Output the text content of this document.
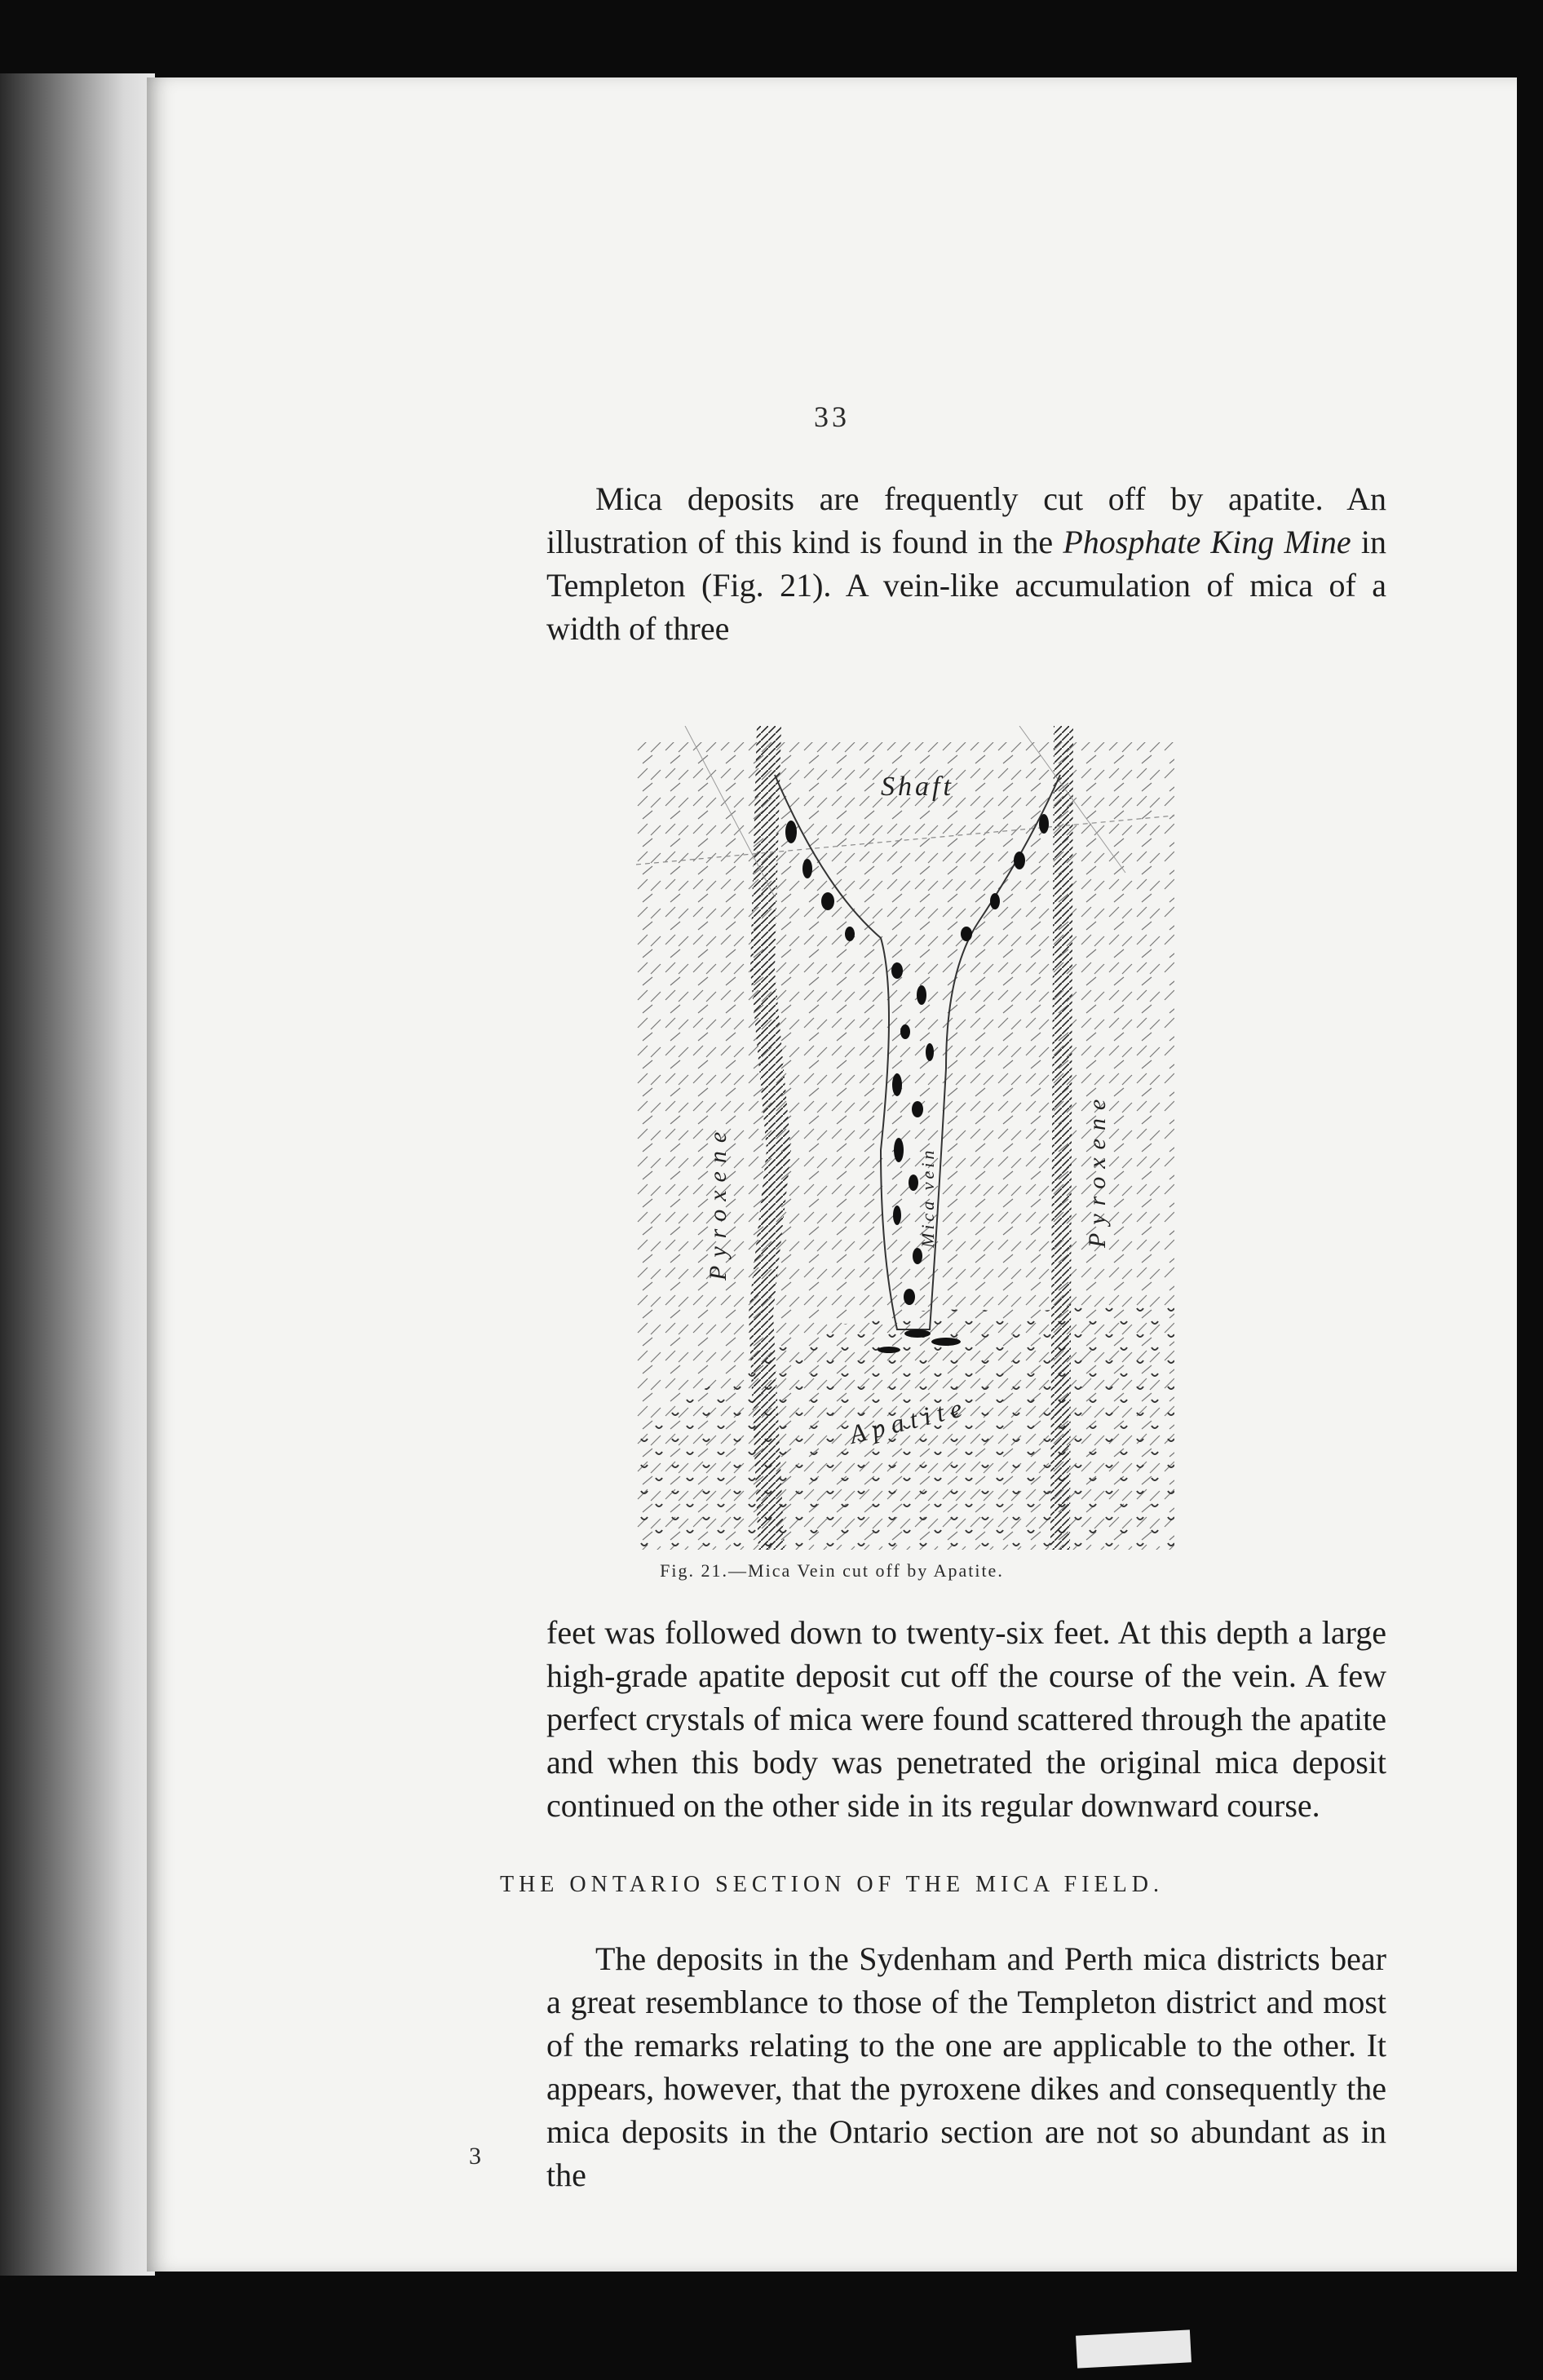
33

Mica deposits are frequently cut off by apatite. An illustration of this kind is found in the Phosphate King Mine in Templeton (Fig. 21). A vein-like accumulation of mica of a width of three

Shaft
Pyroxene	Pyroxene
Mica vein
Apatite
Fig. 21.—Mica Vein cut off by Apatite.

feet was followed down to twenty-six feet. At this depth a large high-grade apatite deposit cut off the course of the vein. A few perfect crystals of mica were found scattered through the apatite and when this body was penetrated the original mica deposit continued on the other side in its regular downward course.

THE ONTARIO SECTION OF THE MICA FIELD.

The deposits in the Sydenham and Perth mica districts bear a great resemblance to those of the Templeton district and most of the remarks relating to the one are applicable to the other. It appears, however, that the pyroxene dikes and consequently the mica deposits in the Ontario section are not so abundant as in the

3
